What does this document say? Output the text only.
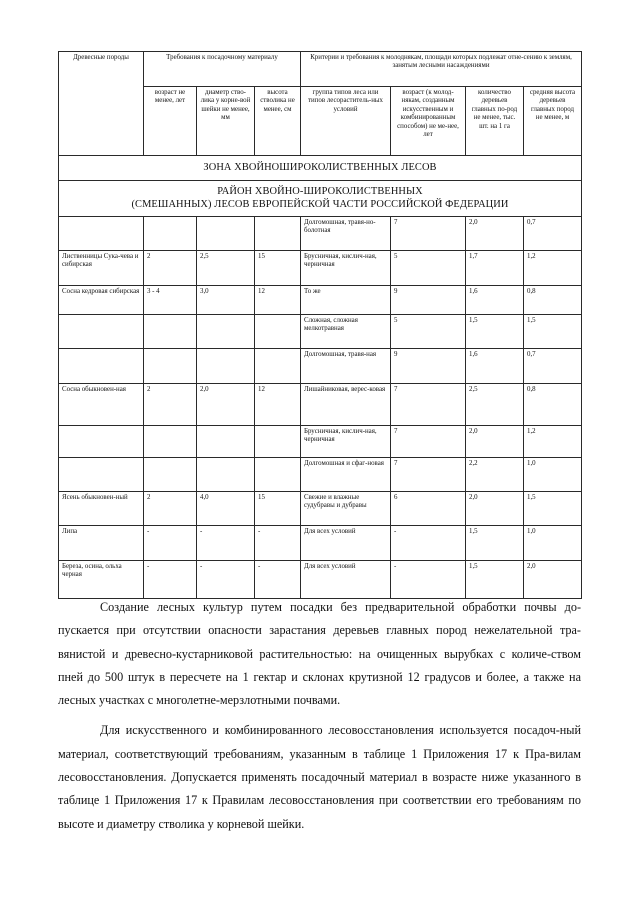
Древесные породы	Требования к посадочному материалу			Критерии и требования к молоднякам, площади которых подлежат отне-сению к землям, занятым лесными насаждениями			
	возраст не менее, лет	диаметр ство-лика у корне-вой шейки не менее, мм	высота стволика не менее, см	группа типов леса или типов лесораститель-ных условий	возраст (к молод-някам, созданным искусственным и комбинированным способом) не ме-нее, лет	количество деревьев главных по-род не менее, тыс. шт. на 1 га	средняя высота деревьев главных пород не менее, м
ЗОНА ХВОЙНОШИРОКОЛИСТВЕННЫХ ЛЕСОВ							

РАЙОН ХВОЙНО-ШИРОКОЛИСТВЕННЫХ
(СМЕШАННЫХ) ЛЕСОВ ЕВРОПЕЙСКОЙ ЧАСТИ РОССИЙСКОЙ ФЕДЕРАЦИИ							

				Долгомошная, травя-но-болотная	7	2,0	0,7
Лиственницы Сука-чева и сибирская	2	2,5	15	Брусничная, кислич-ная, черничная	5	1,7	1,2
Сосна кедровая сибирская	3 - 4	3,0	12	То же	9	1,6	0,8
				Сложная, сложная мелкотравная	5	1,5	1,5
				Долгомошная, травя-ная	9	1,6	0,7
Сосна обыкновен-ная	2	2,0	12	Лишайниковая, верес-ковая	7	2,5	0,8
				Брусничная, кислич-ная, черничная	7	2,0	1,2
				Долгомошная и сфаг-новая	7	2,2	1,0
Ясень обыкновен-ный	2	4,0	15	Свежие и влажные судубравы и дубравы	6	2,0	1,5
Липа	-	-	-	Для всех условий	-	1,5	1,0
Береза, осина, ольха черная	-	-	-	Для всех условий	-	1,5	2,0

Создание лесных культур путем посадки без предварительной обработки почвы до-пускается при отсутствии опасности зарастания деревьев главных пород нежелательной тра-вянистой и древесно-кустарниковой растительностью: на очищенных вырубках с количе-ством пней до 500 штук в пересчете на 1 гектар и склонах крутизной 12 градусов и более, а также на лесных участках с многолетне-мерзлотными почвами.

Для искусственного и комбинированного лесовосстановления используется посадоч-ный материал, соответствующий требованиям, указанным в таблице 1 Приложения 17 к Пра-вилам лесовосстановления. Допускается применять посадочный материал в возрасте ниже указанного в таблице 1 Приложения 17 к Правилам лесовосстановления при соответствии его требованиям по высоте и диаметру стволика у корневой шейки.
